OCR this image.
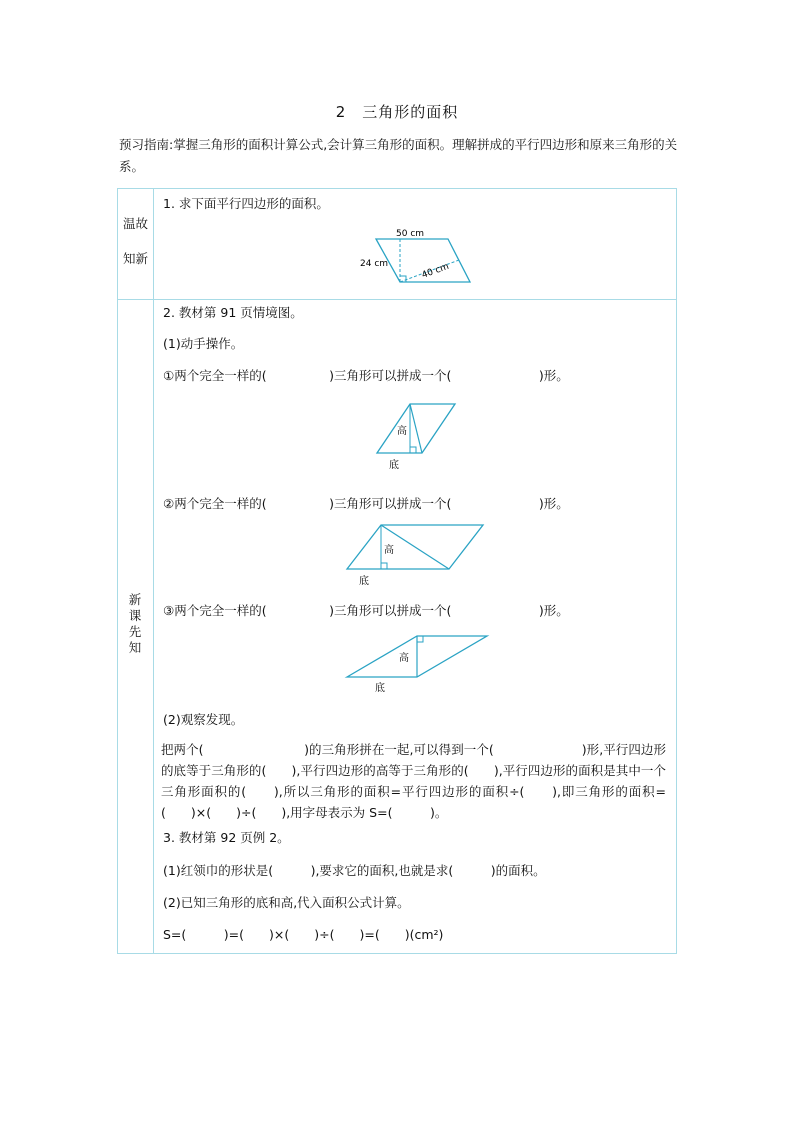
2　三角形的面积
预习指南:掌握三角形的面积计算公式,会计算三角形的面积。理解拼成的平行四边形和原来三角形的关系。
温故
知新
新课先知
1. 求下面平行四边形的面积。
50 cm
24 cm	40 cm
2. 教材第 91 页情境图。
(1)动手操作。
①两个完全一样的(　　　　　)三角形可以拼成一个(　　　　　　　)形。
高
底
②两个完全一样的(　　　　　)三角形可以拼成一个(　　　　　　　)形。
高
底
③两个完全一样的(　　　　　)三角形可以拼成一个(　　　　　　　)形。
高
底
(2)观察发现。
把两个(　　　　　　　　)的三角形拼在一起,可以得到一个(　　　　　　　)形,平行四边形的底等于三角形的(　　),平行四边形的高等于三角形的(　　),平行四边形的面积是其中一个三角形面积的(　　),所以三角形的面积=平行四边形的面积÷(　　),即三角形的面积=(　　)×(　　)÷(　　),用字母表示为 S=(　　　)。
3. 教材第 92 页例 2。
(1)红领巾的形状是(　　　),要求它的面积,也就是求(　　　)的面积。
(2)已知三角形的底和高,代入面积公式计算。
S=(　　　)=(　　)×(　　)÷(　　)=(　　)(cm²)
